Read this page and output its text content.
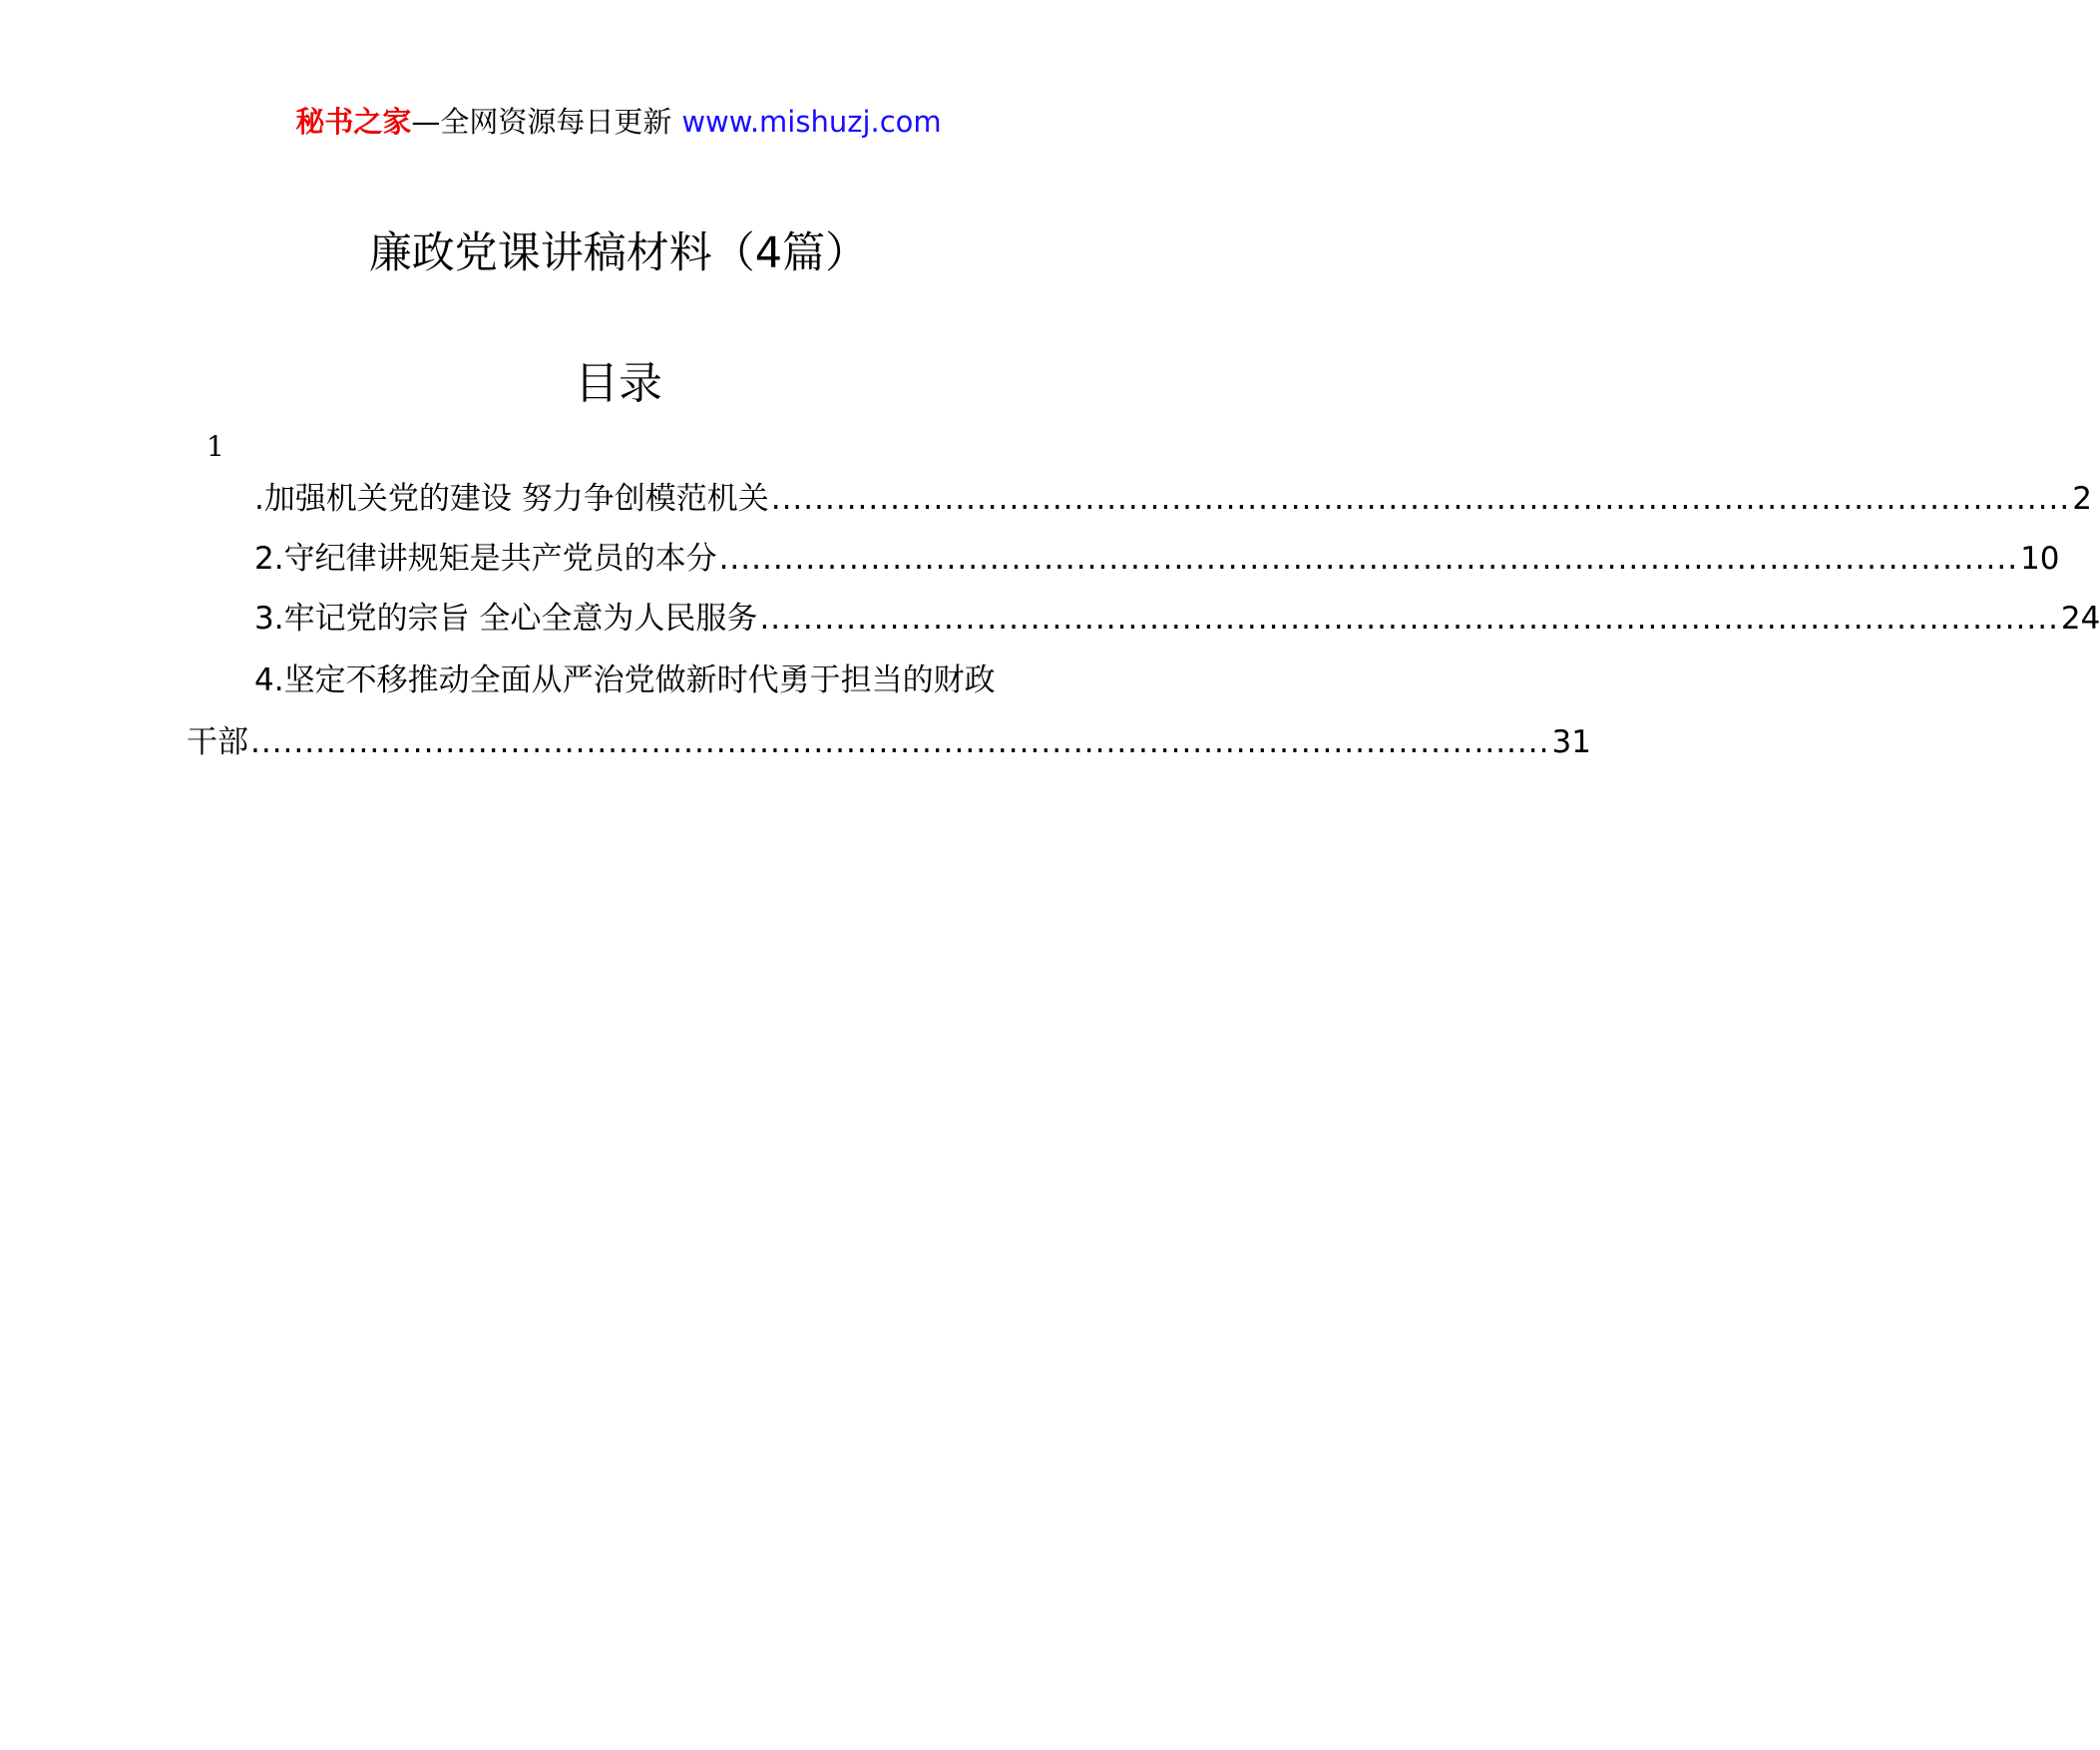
秘书之家—全网资源每日更新 www.mishuzj.com
廉政党课讲稿材料（4篇）
目录
1
.加强机关党的建设 努力争创模范机关 ........................................................................................................................ 2
2.守纪律讲规矩是共产党员的本分 ........................................................................................................................ 10
3.牢记党的宗旨 全心全意为人民服务 ........................................................................................................................ 24
4.坚定不移推动全面从严治党做新时代勇于担当的财政
干部 ........................................................................................................................ 31
